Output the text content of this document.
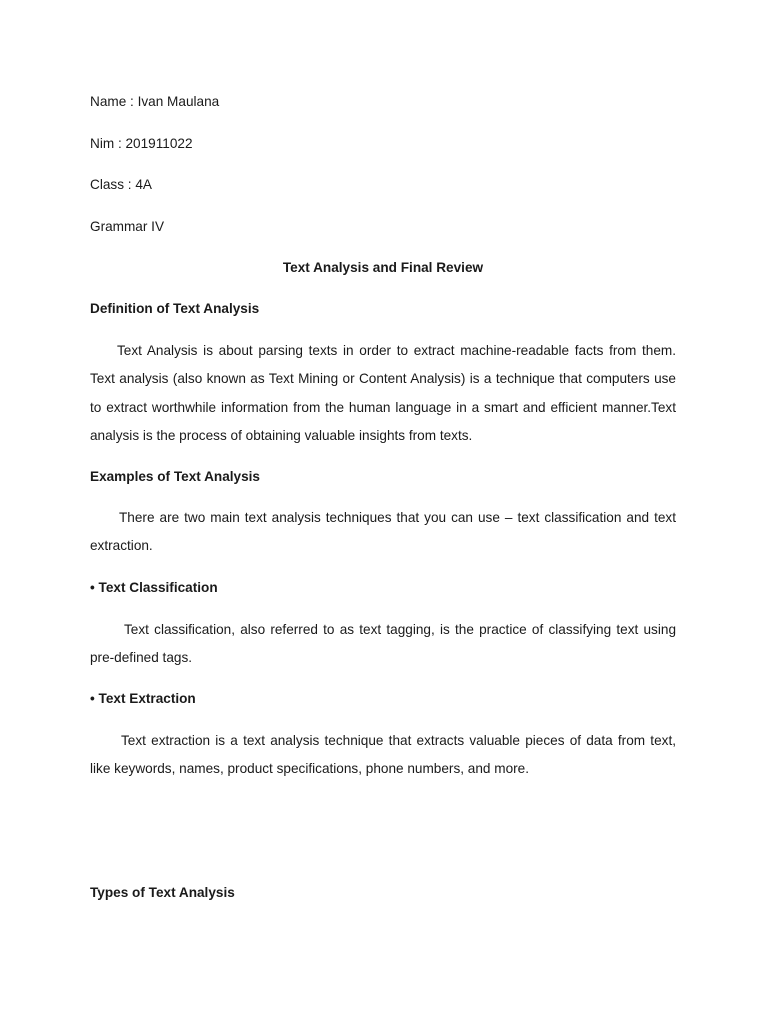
Name : Ivan Maulana
Nim : 201911022
Class : 4A
Grammar IV
Text Analysis and Final Review
Definition of Text Analysis
Text Analysis is about parsing texts in order to extract machine-readable facts from them. Text analysis (also known as Text Mining or Content Analysis) is a technique that computers use to extract worthwhile information from the human language in a smart and efficient manner.Text analysis is the process of obtaining valuable insights from texts.
Examples of Text Analysis
There are two main text analysis techniques that you can use – text classification and text extraction.
• Text Classification
Text classification, also referred to as text tagging, is the practice of classifying text using pre-defined tags.
• Text Extraction
Text extraction is a text analysis technique that extracts valuable pieces of data from text, like keywords, names, product specifications, phone numbers, and more.
Types of Text Analysis
